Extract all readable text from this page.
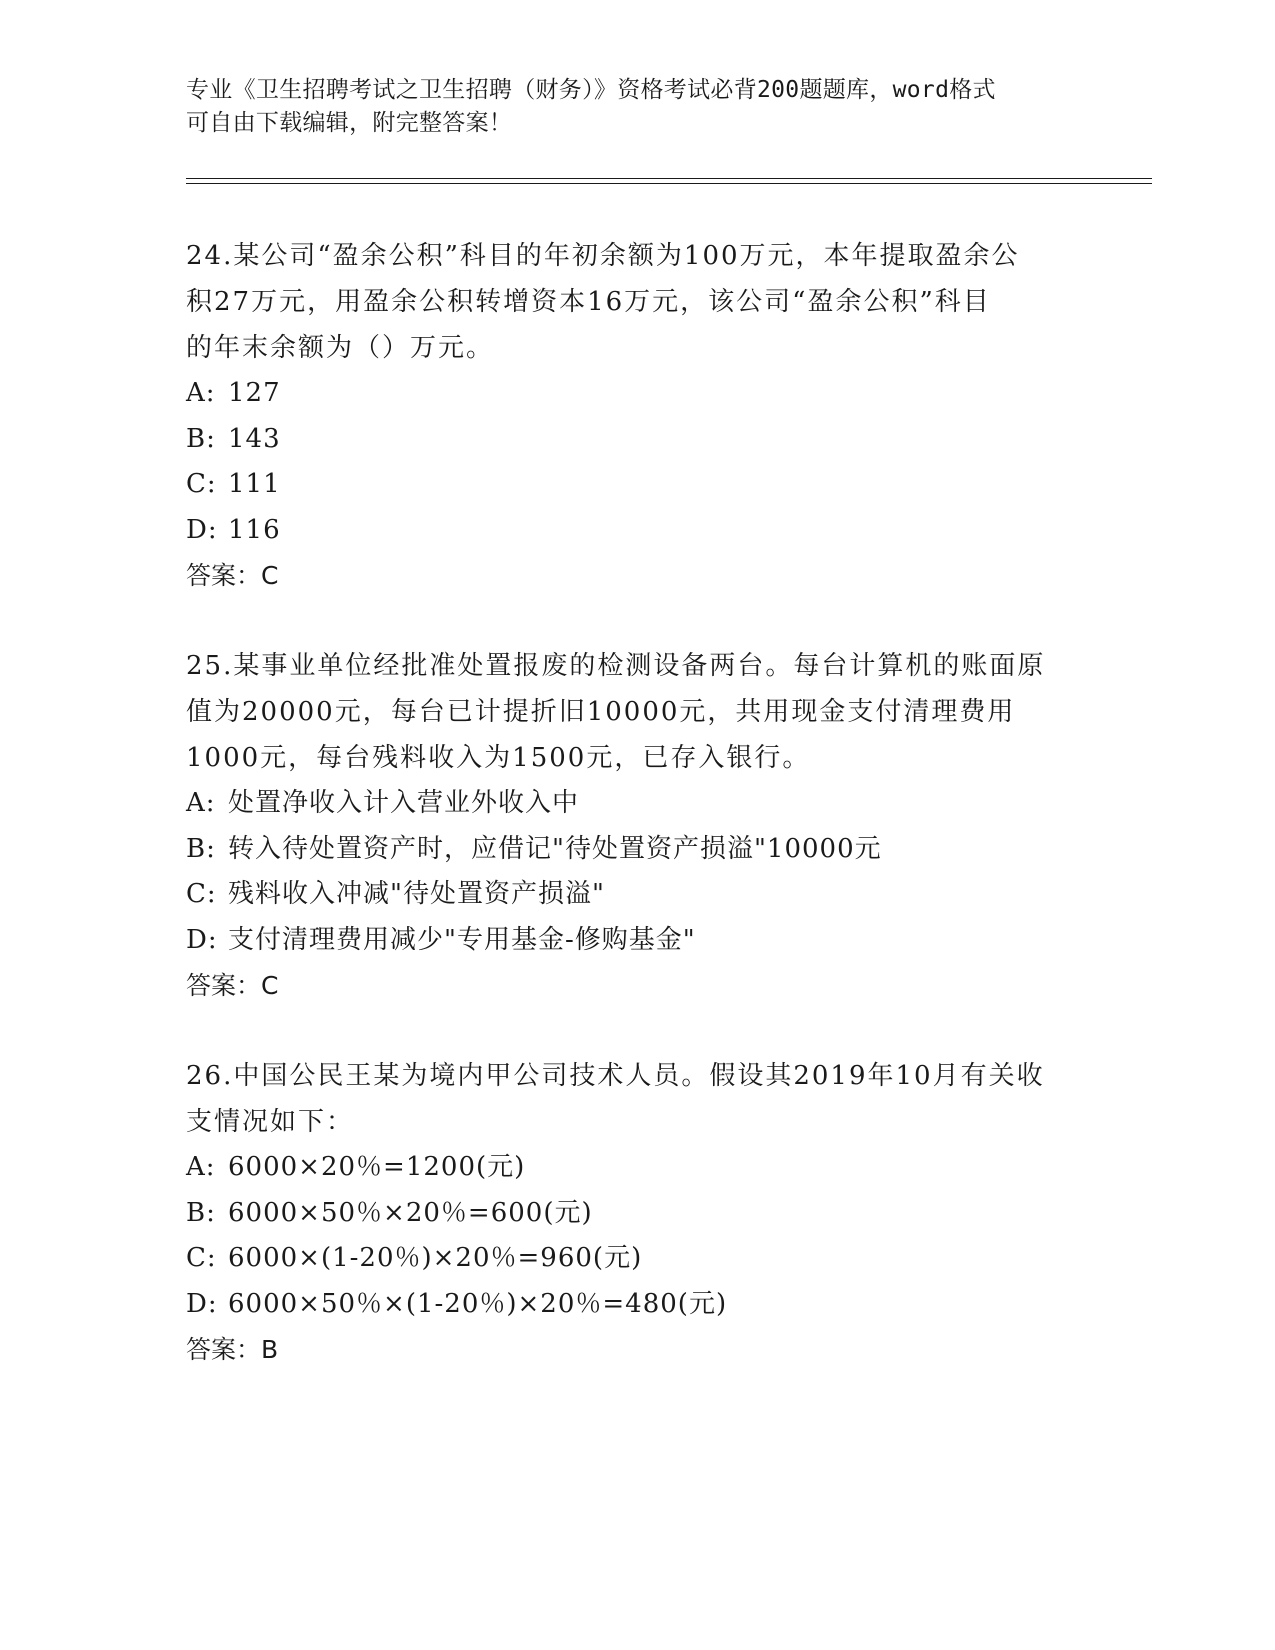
专业《卫生招聘考试之卫生招聘（财务）》资格考试必背200题题库，word格式
可自由下载编辑，附完整答案！

24.某公司“盈余公积”科目的年初余额为100万元，本年提取盈余公

积27万元，用盈余公积转增资本16万元，该公司“盈余公积”科目

的年末余额为（）万元。

A: 127

B: 143

C: 111

D: 116

答案：C

25.某事业单位经批准处置报废的检测设备两台。每台计算机的账面原

值为20000元，每台已计提折旧10000元，共用现金支付清理费用

1000元，每台残料收入为1500元，已存入银行。

A: 处置净收入计入营业外收入中

B: 转入待处置资产时，应借记"待处置资产损溢"10000元

C: 残料收入冲减"待处置资产损溢"

D: 支付清理费用减少"专用基金-修购基金"

答案：C

26.中国公民王某为境内甲公司技术人员。假设其2019年10月有关收

支情况如下：

A: 6000×20％=1200(元)

B: 6000×50％×20％=600(元)

C: 6000×(1-20％)×20％=960(元)

D: 6000×50％×(1-20％)×20％=480(元)

答案：B
